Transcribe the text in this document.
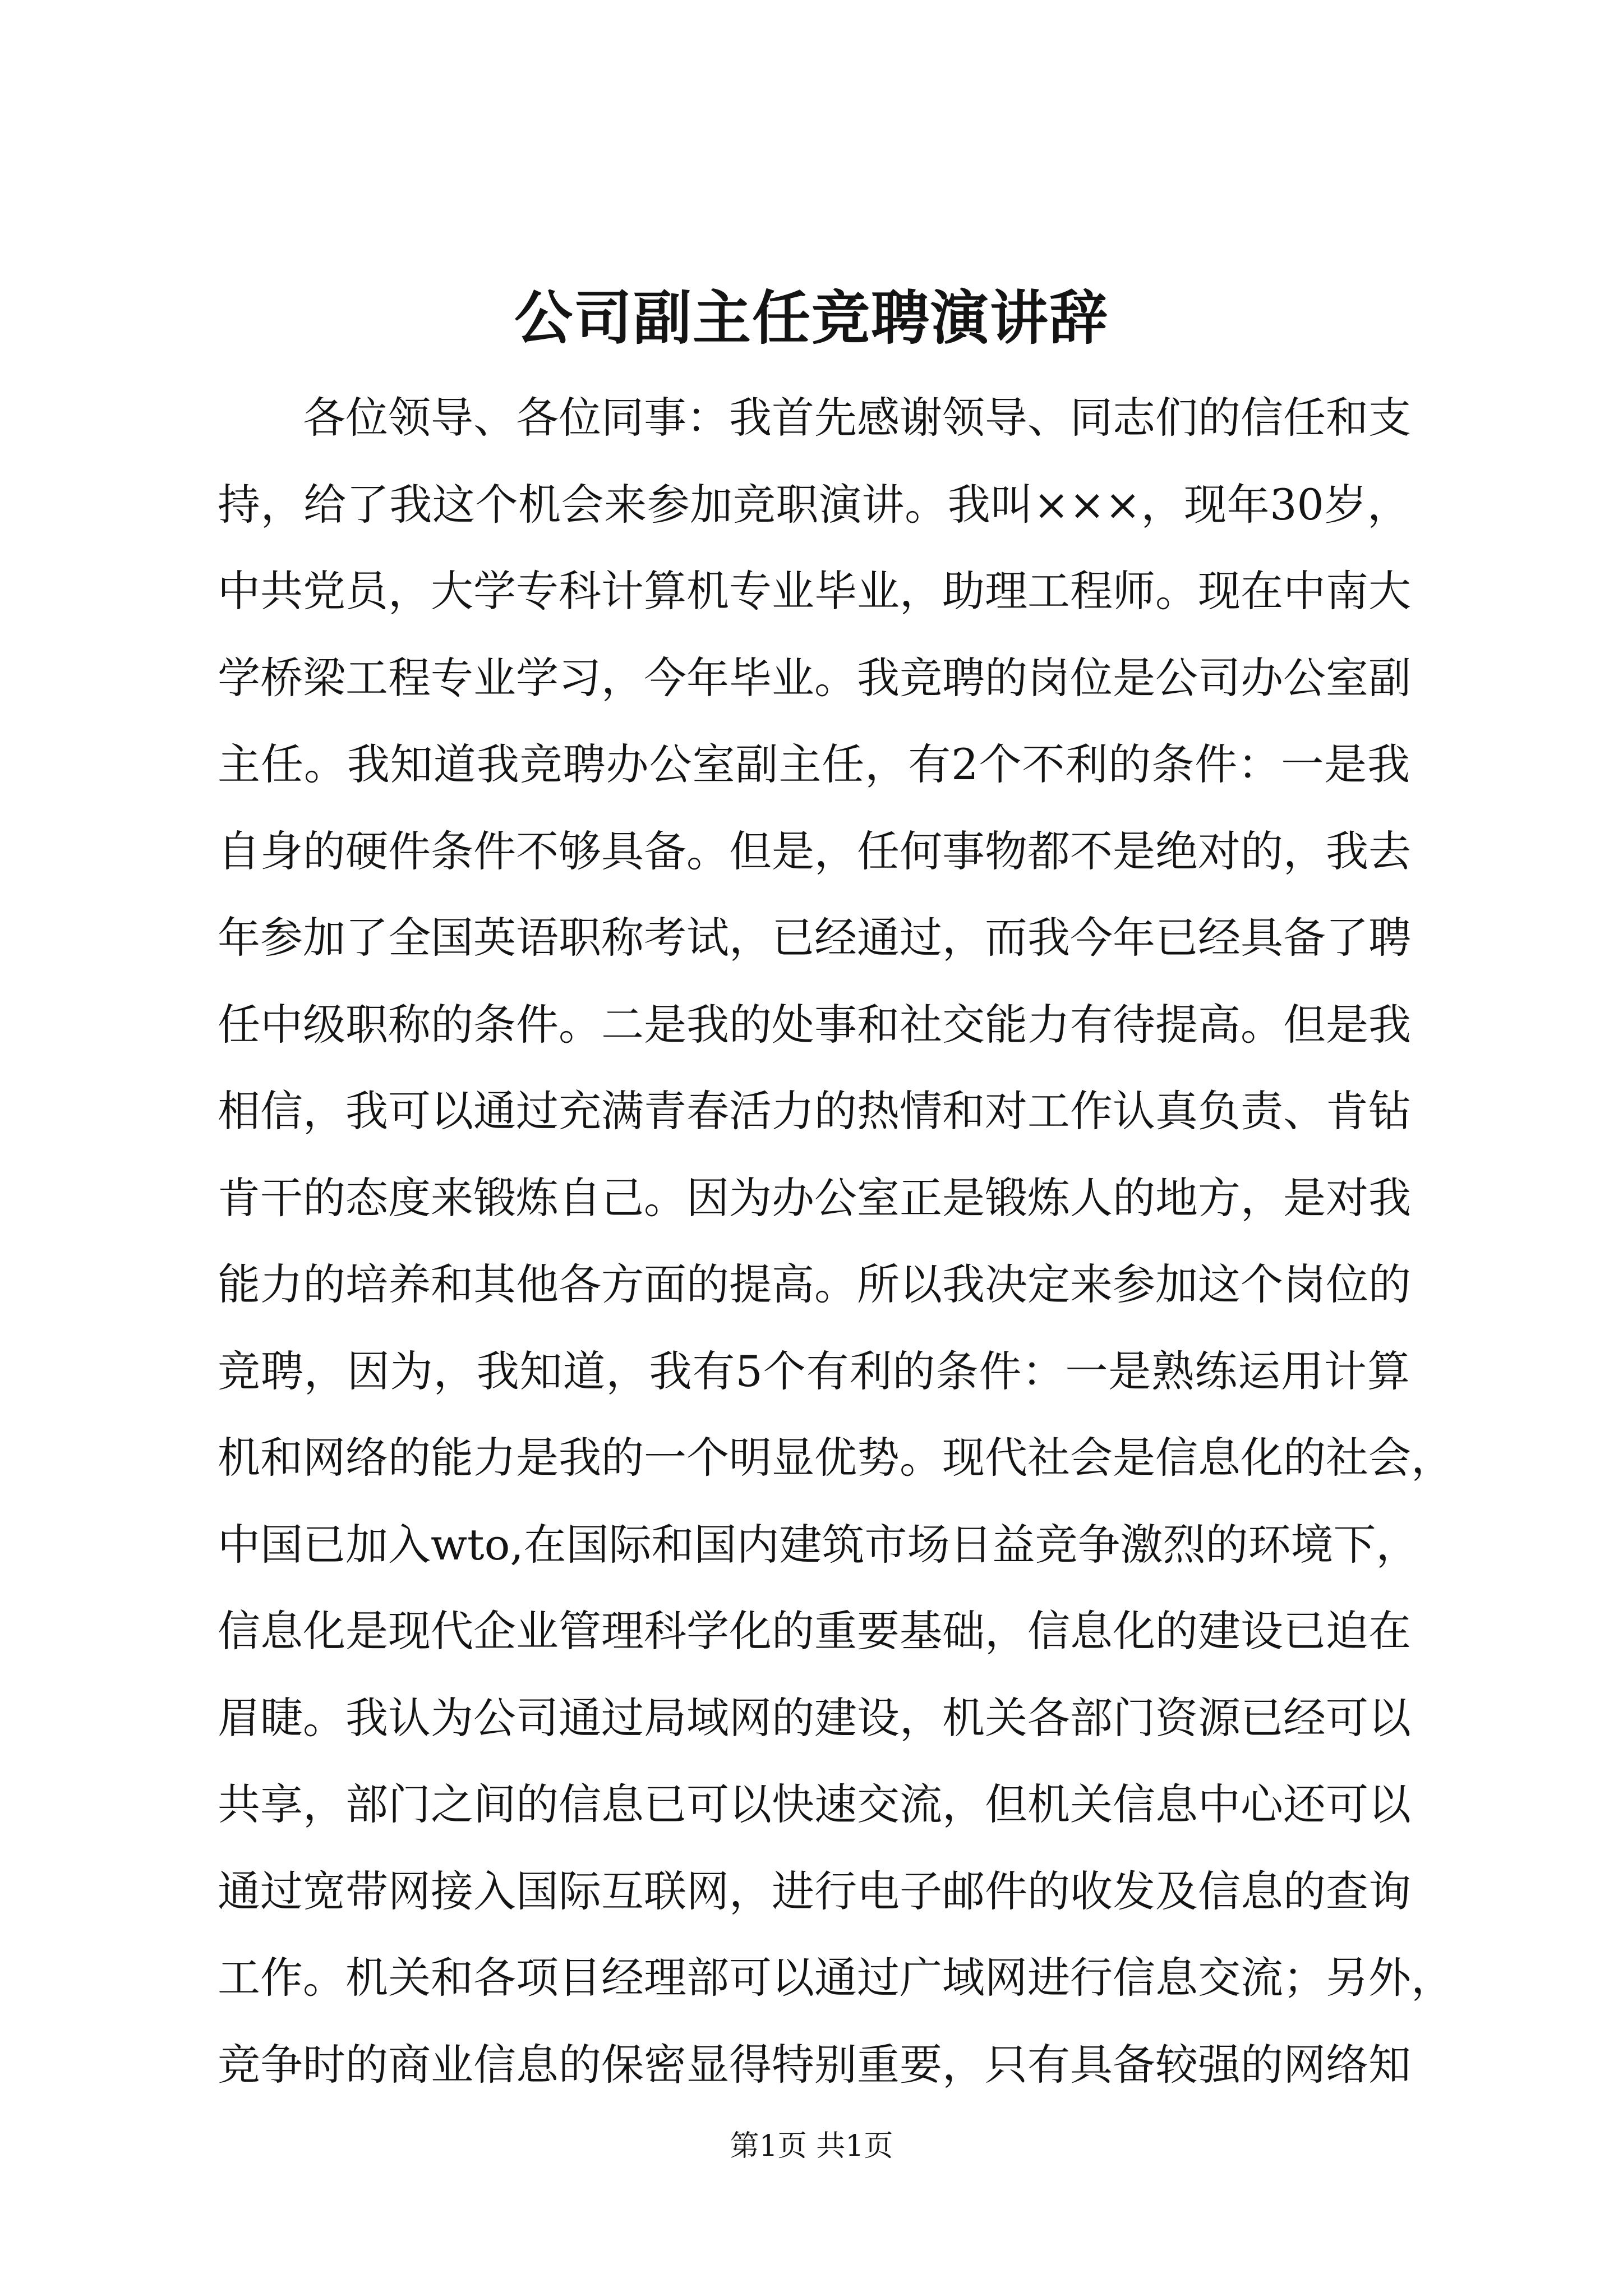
公司副主任竞聘演讲辞
各位领导、各位同事：我首先感谢领导、同志们的信任和支
持，给了我这个机会来参加竞职演讲。我叫×××，现年30岁，
中共党员，大学专科计算机专业毕业，助理工程师。现在中南大
学桥梁工程专业学习，今年毕业。我竞聘的岗位是公司办公室副
主任。我知道我竞聘办公室副主任，有2个不利的条件：一是我
自身的硬件条件不够具备。但是，任何事物都不是绝对的，我去
年参加了全国英语职称考试，已经通过，而我今年已经具备了聘
任中级职称的条件。二是我的处事和社交能力有待提高。但是我
相信，我可以通过充满青春活力的热情和对工作认真负责、肯钻
肯干的态度来锻炼自己。因为办公室正是锻炼人的地方，是对我
能力的培养和其他各方面的提高。所以我决定来参加这个岗位的
竞聘，因为，我知道，我有5个有利的条件：一是熟练运用计算
机和网络的能力是我的一个明显优势。现代社会是信息化的社会，
中国已加入wto,在国际和国内建筑市场日益竞争激烈的环境下，
信息化是现代企业管理科学化的重要基础，信息化的建设已迫在
眉睫。我认为公司通过局域网的建设，机关各部门资源已经可以
共享，部门之间的信息已可以快速交流，但机关信息中心还可以
通过宽带网接入国际互联网，进行电子邮件的收发及信息的查询
工作。机关和各项目经理部可以通过广域网进行信息交流；另外，
竞争时的商业信息的保密显得特别重要，只有具备较强的网络知
第1页 共1页
